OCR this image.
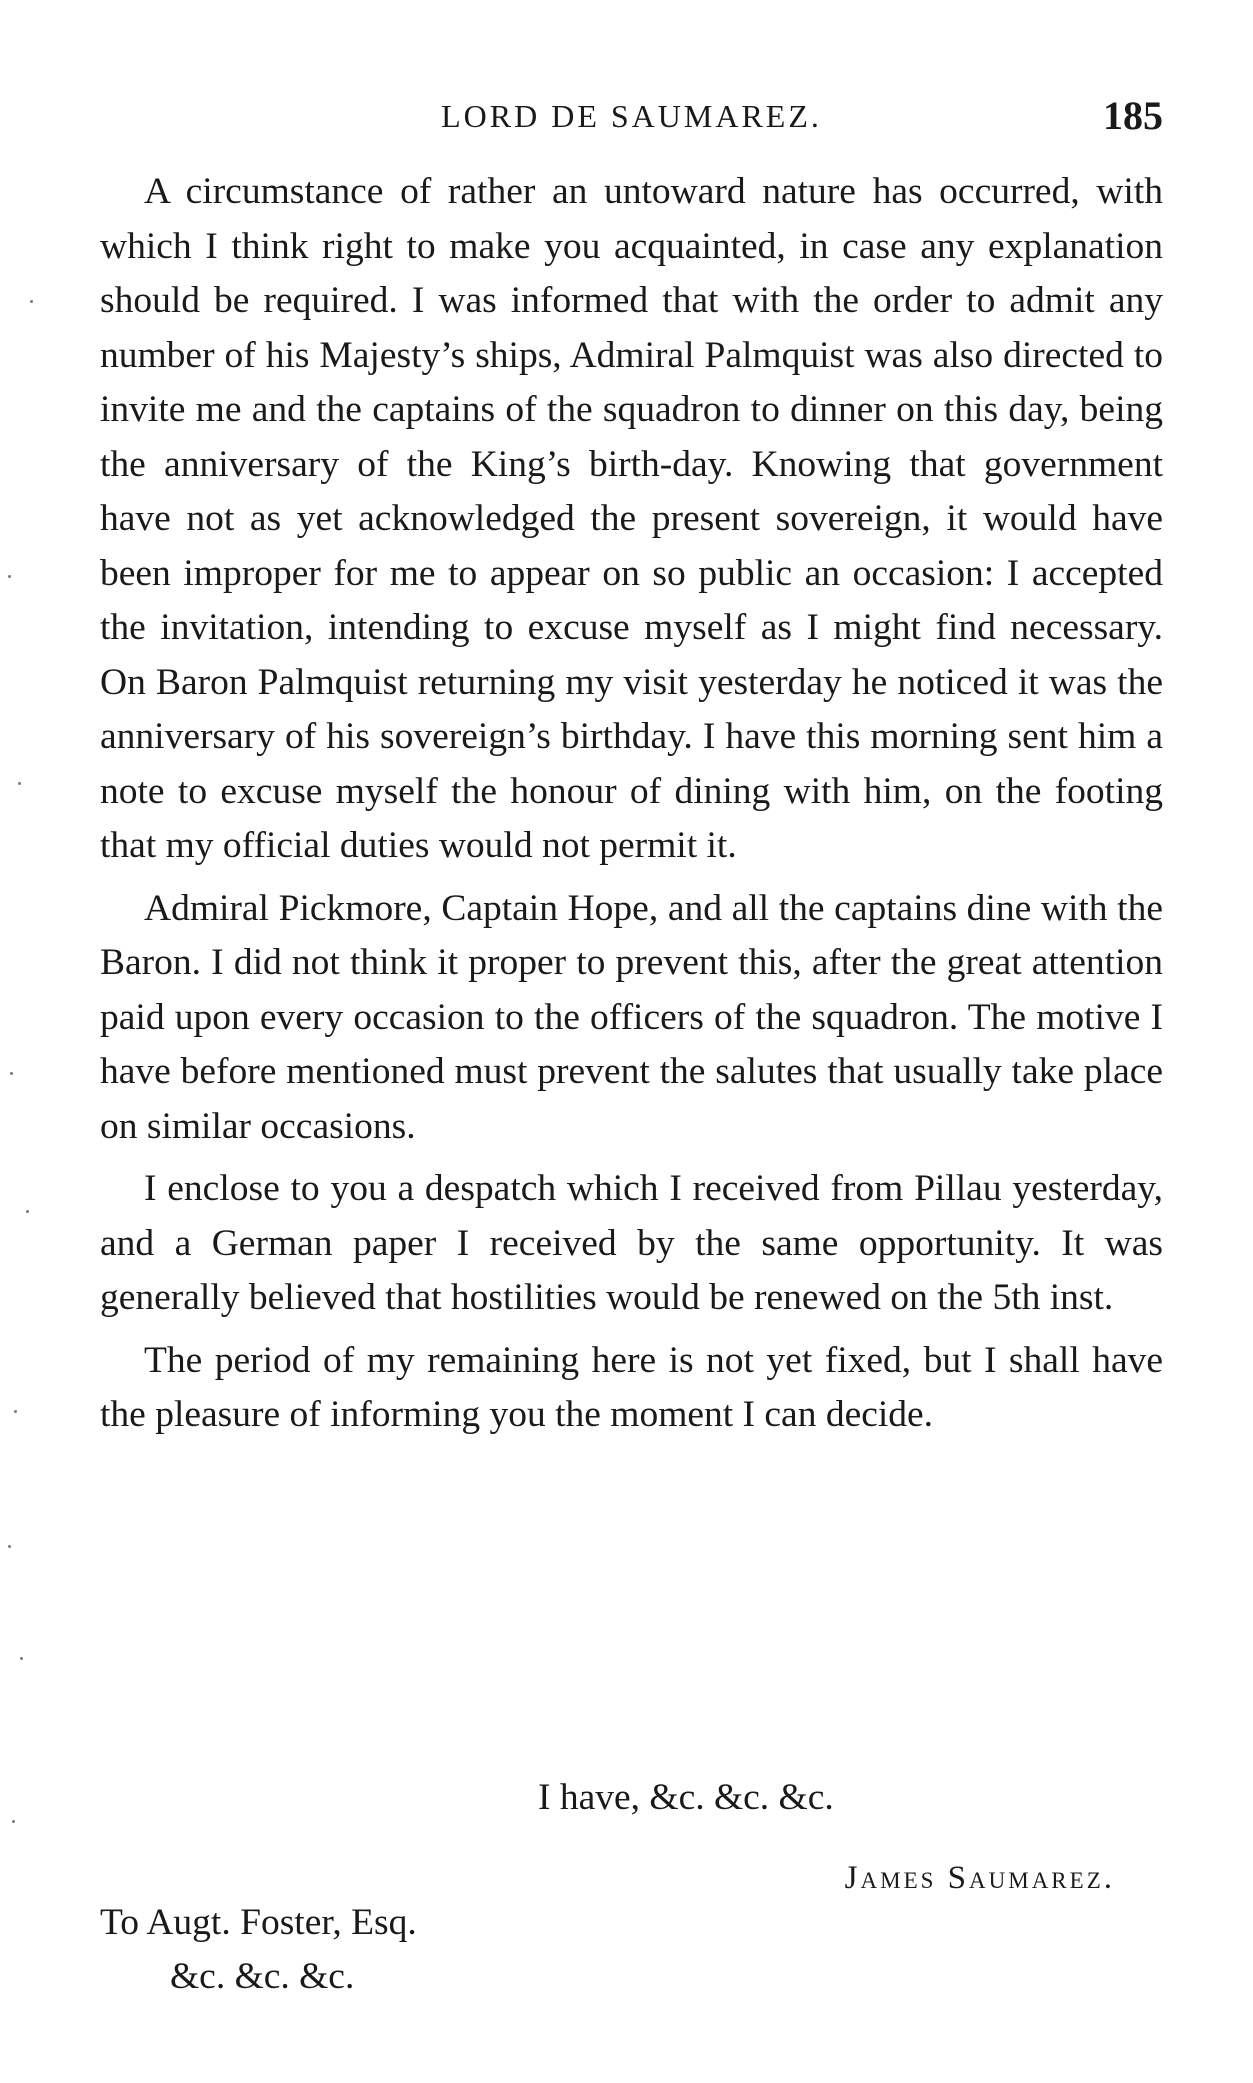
LORD DE SAUMAREZ.	185

A circumstance of rather an untoward nature has occurred, with which I think right to make you acquainted, in case any explanation should be required. I was informed that with the order to admit any number of his Majesty’s ships, Admiral Palmquist was also directed to invite me and the captains of the squadron to dinner on this day, being the anniversary of the King’s birth-day. Knowing that government have not as yet acknowledged the present sovereign, it would have been improper for me to appear on so public an occasion: I accepted the invitation, intending to excuse myself as I might find necessary. On Baron Palmquist returning my visit yesterday he noticed it was the anniversary of his sovereign’s birthday. I have this morning sent him a note to excuse myself the honour of dining with him, on the footing that my official duties would not permit it.

Admiral Pickmore, Captain Hope, and all the captains dine with the Baron. I did not think it proper to prevent this, after the great attention paid upon every occasion to the officers of the squadron. The motive I have before mentioned must prevent the salutes that usually take place on similar occasions.

I enclose to you a despatch which I received from Pillau yesterday, and a German paper I received by the same opportunity. It was generally believed that hostilities would be renewed on the 5th inst.

The period of my remaining here is not yet fixed, but I shall have the pleasure of informing you the moment I can decide.

I have, &c. &c. &c.
James Saumarez.
To Augt. Foster, Esq.
&c. &c. &c.
